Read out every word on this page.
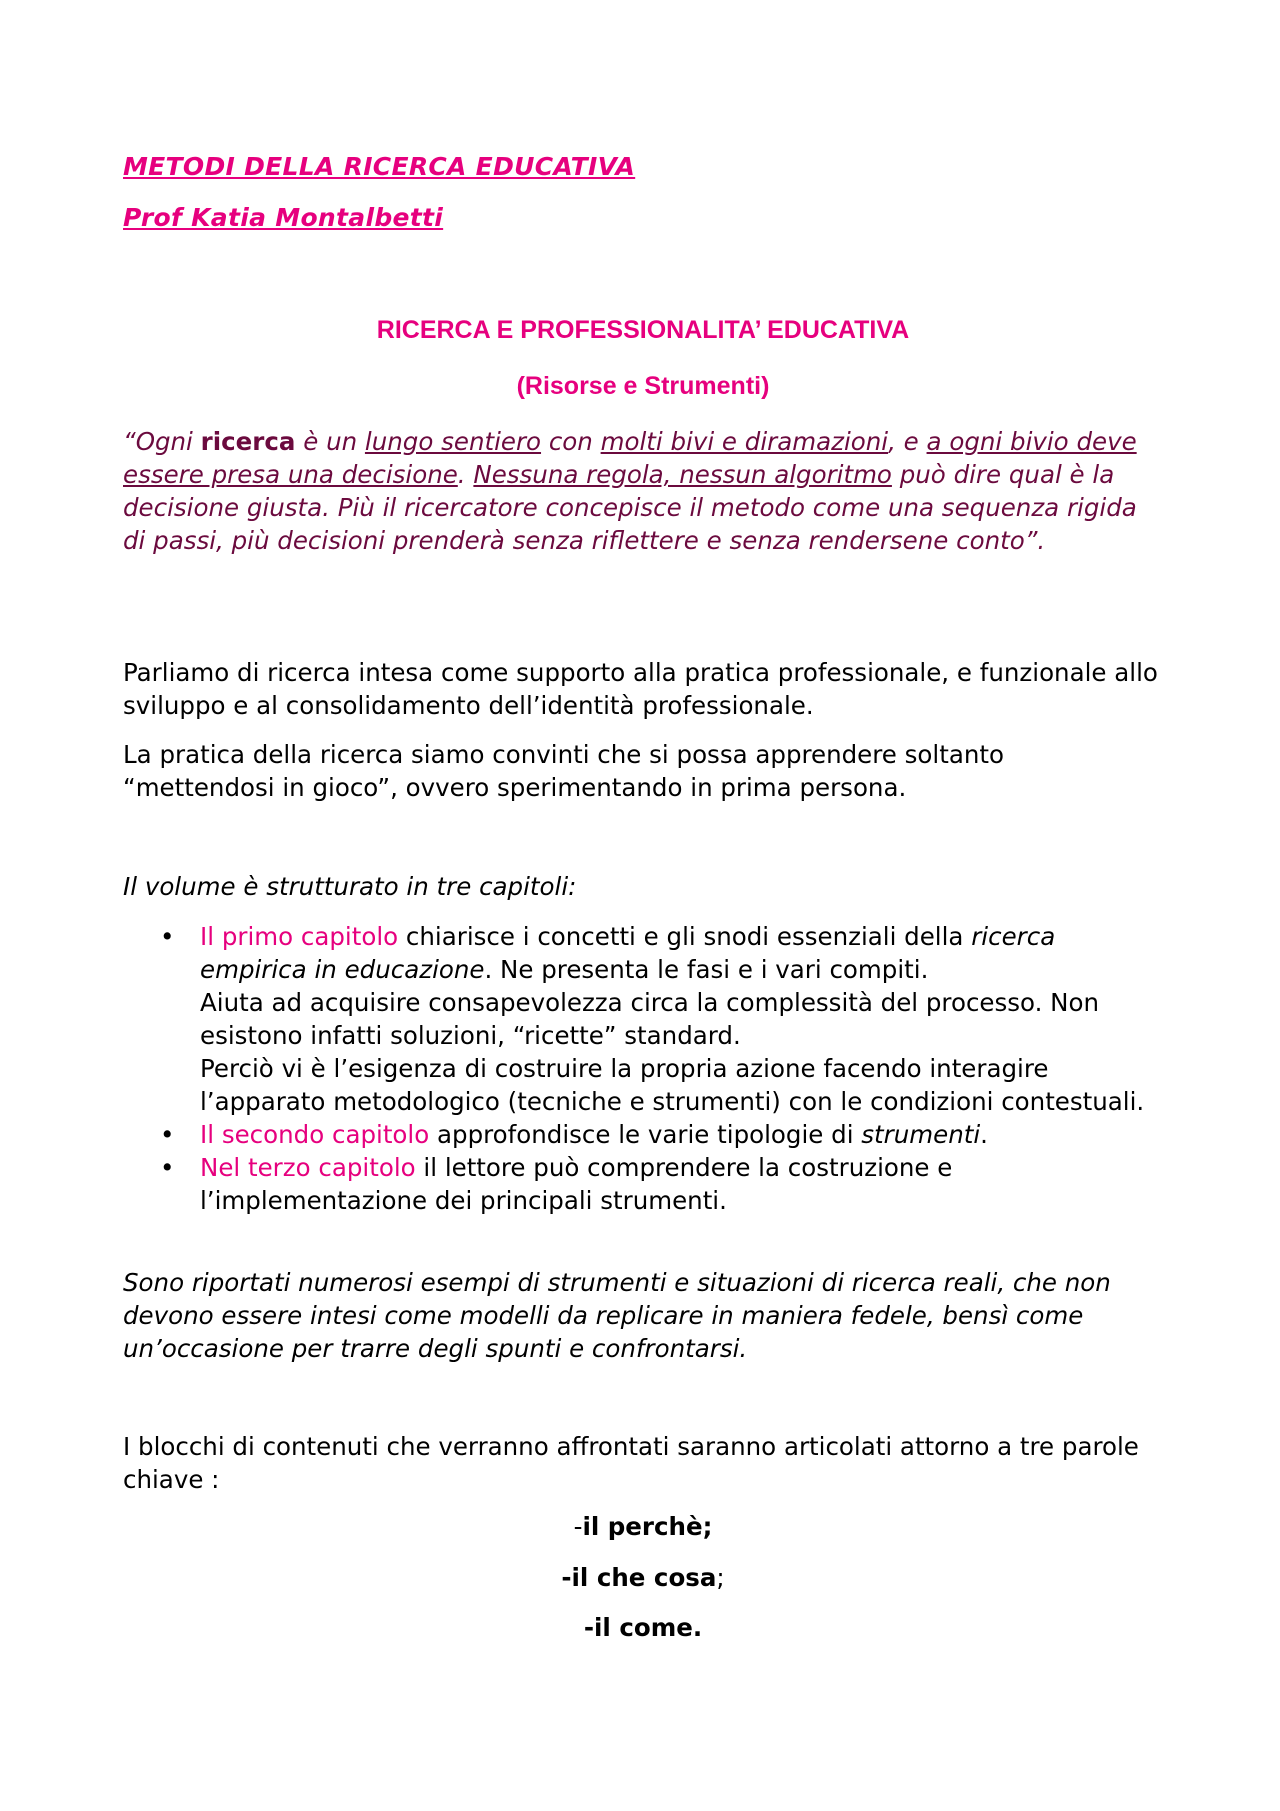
METODI DELLA RICERCA EDUCATIVA
Prof Katia Montalbetti
RICERCA E PROFESSIONALITA’ EDUCATIVA
(Risorse e Strumenti)
“Ogni ricerca è un lungo sentiero con molti bivi e diramazioni, e a ogni bivio deve essere presa una decisione. Nessuna regola, nessun algoritmo può dire qual è la decisione giusta. Più il ricercatore concepisce il metodo come una sequenza rigida di passi, più decisioni prenderà senza riflettere e senza rendersene conto”.
Parliamo di ricerca intesa come supporto alla pratica professionale, e funzionale allo sviluppo e al consolidamento dell’identità professionale.
La pratica della ricerca siamo convinti che si possa apprendere soltanto “mettendosi in gioco”, ovvero sperimentando in prima persona.
Il volume è strutturato in tre capitoli:
• Il primo capitolo chiarisce i concetti e gli snodi essenziali della ricerca empirica in educazione. Ne presenta le fasi e i vari compiti.
Aiuta ad acquisire consapevolezza circa la complessità del processo. Non esistono infatti soluzioni, “ricette” standard.
Perciò vi è l’esigenza di costruire la propria azione facendo interagire l’apparato metodologico (tecniche e strumenti) con le condizioni contestuali.
• Il secondo capitolo approfondisce le varie tipologie di strumenti.
• Nel terzo capitolo il lettore può comprendere la costruzione e l’implementazione dei principali strumenti.
Sono riportati numerosi esempi di strumenti e situazioni di ricerca reali, che non devono essere intesi come modelli da replicare in maniera fedele, bensì come un’occasione per trarre degli spunti e confrontarsi.
I blocchi di contenuti che verranno affrontati saranno articolati attorno a tre parole chiave :
-il perchè;
-il che cosa;
-il come.
